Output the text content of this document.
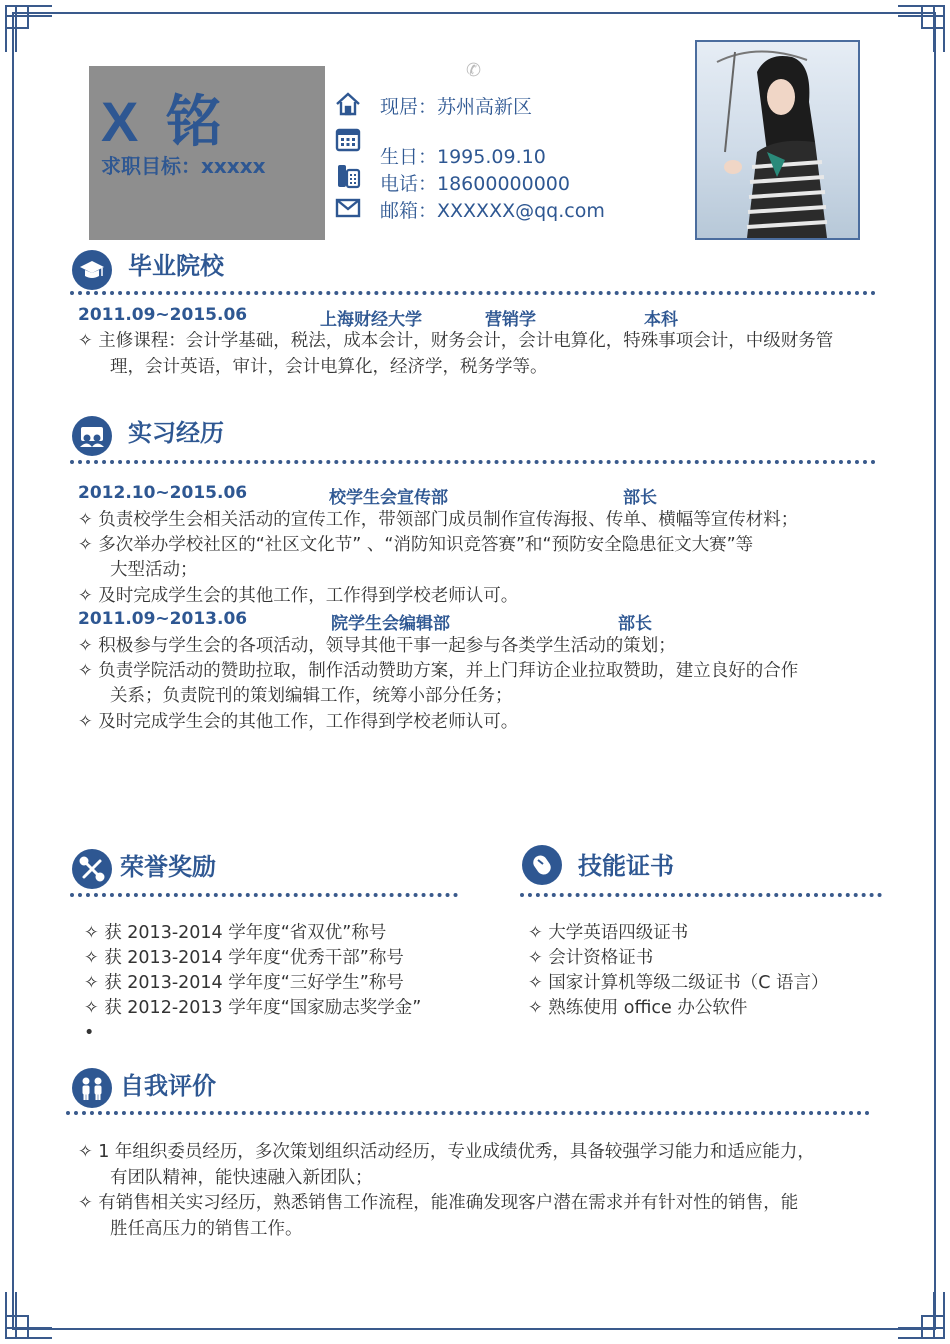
X 铭
求职目标：xxxxx
✆
现居：苏州高新区
生日：1995.09.10
电话：18600000000
邮箱：XXXXXX@qq.com
毕业院校
2011.09~2015.06	上海财经大学	营销学	本科
✧ 主修课程：会计学基础，税法，成本会计，财务会计，会计电算化，特殊事项会计，中级财务管
理，会计英语，审计，会计电算化，经济学，税务学等。
实习经历
2012.10~2015.06	校学生会宣传部	部长
✧ 负责校学生会相关活动的宣传工作，带领部门成员制作宣传海报、传单、横幅等宣传材料；
✧ 多次举办学校社区的“社区文化节” 、“消防知识竞答赛”和“预防安全隐患征文大赛”等
大型活动；
✧ 及时完成学生会的其他工作，工作得到学校老师认可。
2011.09~2013.06	院学生会编辑部	部长
✧ 积极参与学生会的各项活动，领导其他干事一起参与各类学生活动的策划；
✧ 负责学院活动的赞助拉取，制作活动赞助方案，并上门拜访企业拉取赞助，建立良好的合作
关系；负责院刊的策划编辑工作，统筹小部分任务；
✧ 及时完成学生会的其他工作，工作得到学校老师认可。
荣誉奖励
✧ 获 2013-2014 学年度“省双优”称号
✧ 获 2013-2014 学年度“优秀干部”称号
✧ 获 2013-2014 学年度“三好学生”称号
✧ 获 2012-2013 学年度“国家励志奖学金”
•
技能证书
✧ 大学英语四级证书
✧ 会计资格证书
✧ 国家计算机等级二级证书（C 语言）
✧ 熟练使用 office 办公软件
自我评价
✧ 1 年组织委员经历，多次策划组织活动经历，专业成绩优秀，具备较强学习能力和适应能力，
有团队精神，能快速融入新团队；
✧ 有销售相关实习经历，熟悉销售工作流程，能准确发现客户潜在需求并有针对性的销售，能
胜任高压力的销售工作。
